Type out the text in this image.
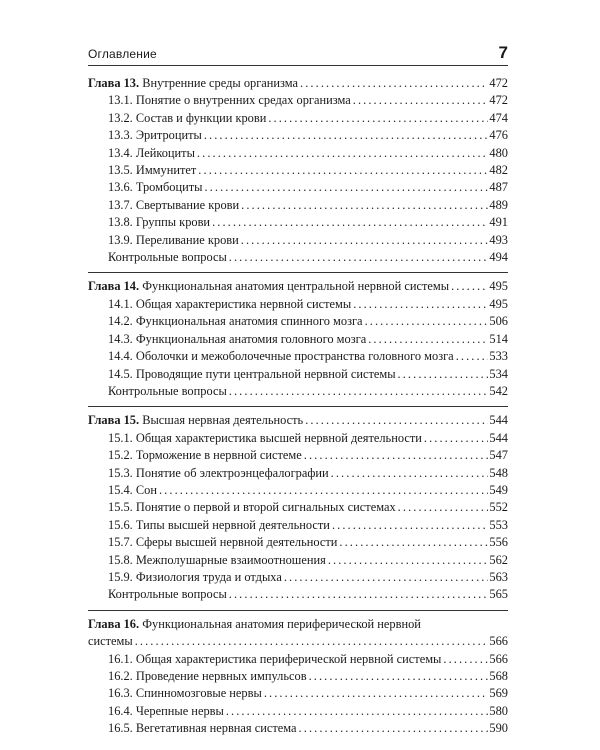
Оглавление	7
Глава 13. Внутренние среды организма . . .	472
13.1. Понятие о внутренних средах организма . . .	472
13.2. Состав и функции крови . . .	474
13.3. Эритроциты . . .	476
13.4. Лейкоциты . . .	480
13.5. Иммунитет . . .	482
13.6. Тромбоциты . . .	487
13.7. Свертывание крови . . .	489
13.8. Группы крови . . .	491
13.9. Переливание крови . . .	493
Контрольные вопросы . . .	494
Глава 14. Функциональная анатомия центральной нервной системы . . .	495
14.1. Общая характеристика нервной системы . . .	495
14.2. Функциональная анатомия спинного мозга . . .	506
14.3. Функциональная анатомия головного мозга . . .	514
14.4. Оболочки и межоболочечные пространства головного мозга . . .	533
14.5. Проводящие пути центральной нервной системы . . .	534
Контрольные вопросы . . .	542
Глава 15. Высшая нервная деятельность . . .	544
15.1. Общая характеристика высшей нервной деятельности . . .	544
15.2. Торможение в нервной системе . . .	547
15.3. Понятие об электроэнцефалографии . . .	548
15.4. Сон . . .	549
15.5. Понятие о первой и второй сигнальных системах . . .	552
15.6. Типы высшей нервной деятельности . . .	553
15.7. Сферы высшей нервной деятельности . . .	556
15.8. Межполушарные взаимоотношения . . .	562
15.9. Физиология труда и отдыха . . .	563
Контрольные вопросы . . .	565
Глава 16. Функциональная анатомия периферической нервной
системы . . .	566
16.1. Общая характеристика периферической нервной системы . . .	566
16.2. Проведение нервных импульсов . . .	568
16.3. Спинномозговые нервы . . .	569
16.4. Черепные нервы . . .	580
16.5. Вегетативная нервная система . . .	590
